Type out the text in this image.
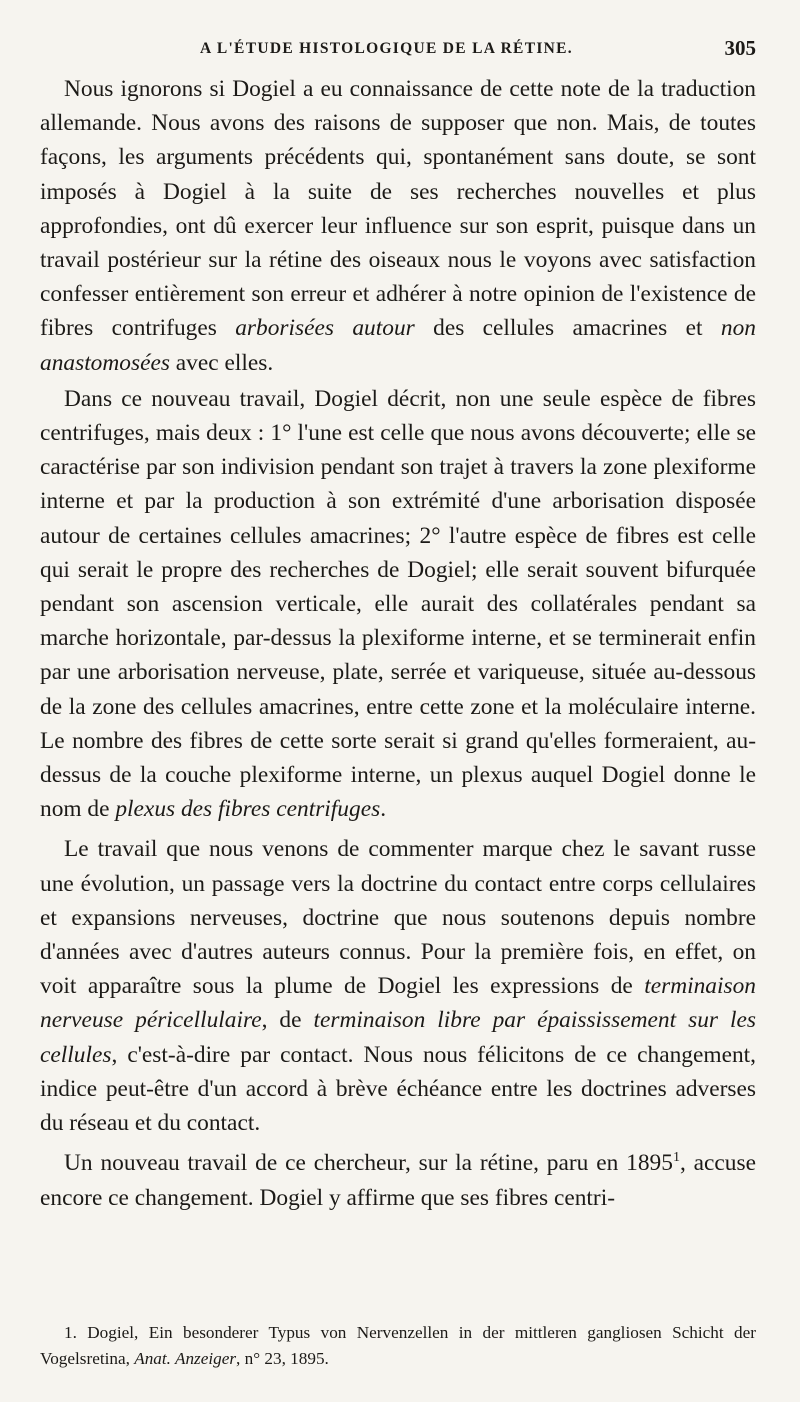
A L'ÉTUDE HISTOLOGIQUE DE LA RÉTINE.	305

Nous ignorons si Dogiel a eu connaissance de cette note de la traduction allemande. Nous avons des raisons de supposer que non. Mais, de toutes façons, les arguments précédents qui, spontanément sans doute, se sont imposés à Dogiel à la suite de ses recherches nouvelles et plus approfondies, ont dû exercer leur influence sur son esprit, puisque dans un travail postérieur sur la rétine des oiseaux nous le voyons avec satisfaction confesser entièrement son erreur et adhérer à notre opinion de l'existence de fibres contrifuges arborisées autour des cellules amacrines et non anastomosées avec elles.

Dans ce nouveau travail, Dogiel décrit, non une seule espèce de fibres centrifuges, mais deux : 1° l'une est celle que nous avons découverte; elle se caractérise par son indivision pendant son trajet à travers la zone plexiforme interne et par la production à son extrémité d'une arborisation disposée autour de certaines cellules amacrines; 2° l'autre espèce de fibres est celle qui serait le propre des recherches de Dogiel; elle serait souvent bifurquée pendant son ascension verticale, elle aurait des collatérales pendant sa marche horizontale, par-dessus la plexiforme interne, et se terminerait enfin par une arborisation nerveuse, plate, serrée et variqueuse, située au-dessous de la zone des cellules amacrines, entre cette zone et la moléculaire interne. Le nombre des fibres de cette sorte serait si grand qu'elles formeraient, au-dessus de la couche plexiforme interne, un plexus auquel Dogiel donne le nom de plexus des fibres centrifuges.

Le travail que nous venons de commenter marque chez le savant russe une évolution, un passage vers la doctrine du contact entre corps cellulaires et expansions nerveuses, doctrine que nous soutenons depuis nombre d'années avec d'autres auteurs connus. Pour la première fois, en effet, on voit apparaître sous la plume de Dogiel les expressions de terminaison nerveuse péricellulaire, de terminaison libre par épaississement sur les cellules, c'est-à-dire par contact. Nous nous félicitons de ce changement, indice peut-être d'un accord à brève échéance entre les doctrines adverses du réseau et du contact.

Un nouveau travail de ce chercheur, sur la rétine, paru en 1895$^1$, accuse encore ce changement. Dogiel y affirme que ses fibres centri-

1. Dogiel, Ein besonderer Typus von Nervenzellen in der mittleren gangliosen Schicht der Vogelsretina, Anat. Anzeiger, n° 23, 1895.
